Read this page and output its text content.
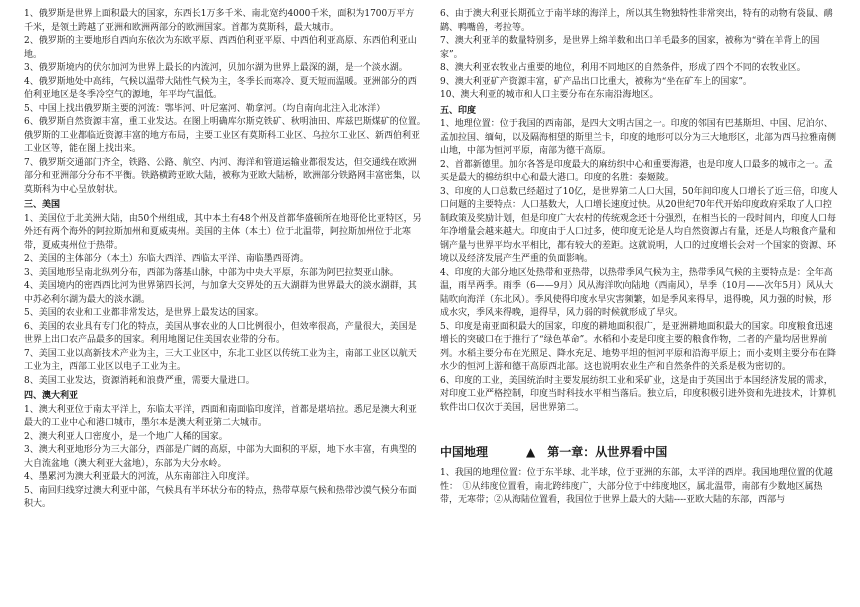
1、俄罗斯是世界上面积最大的国家，东西长1万多千米、南北宽约4000千米，面积为1700万平方千米，是领土跨越了亚洲和欧洲两部分的欧洲国家。首都为莫斯科，最大城市。

2、俄罗斯的主要地形自西向东依次为东欧平原、西西伯利亚平原、中西伯利亚高原、东西伯利亚山地。

3、俄罗斯境内的伏尔加河为世界上最长的内流河，贝加尔湖为世界上最深的湖，是一个淡水湖。

4、俄罗斯地处中高纬，气候以温带大陆性气候为主，冬季长而寒冷、夏天短而温暖。亚洲部分的西伯利亚地区是冬季冷空气的源地，年平均气温低。

5、中国上找出俄罗斯主要的河流：鄂毕河、叶尼塞河、勒拿河。（均自南向北注入北冰洋）

6、俄罗斯自然资源丰富，重工业发达。在图上明确库尔斯克铁矿、秋明油田、库兹巴斯煤矿的位置。　俄罗斯的工业都临近资源丰富的地方布局，主要工业区有莫斯科工业区、乌拉尔工业区、新西伯利亚工业区等，能在图上找出来。

7、俄罗斯交通部门齐全，铁路、公路、航空、内河、海洋和管道运输业都很发达，但交通线在欧洲部分和亚洲部分分布不平衡。铁路横跨亚欧大陆，被称为亚欧大陆桥，欧洲部分铁路网丰富密集，以莫斯科为中心呈放射状。

三、美国

1、美国位于北美洲大陆，由50个州组成，其中本土有48个州及首都华盛顿所在地哥伦比亚特区，另外还有两个海外的阿拉斯加州和夏威夷州。美国的主体（本土）位于北温带，阿拉斯加州位于北寒带，夏威夷州位于热带。

2、美国的主体部分（本土）东临大西洋、西临太平洋、南临墨西哥湾。

3、美国地形呈南北纵列分布，西部为落基山脉，中部为中央大平原，东部为阿巴拉契亚山脉。

4、美国境内的密西西比河为世界第四长河，与加拿大交界处的五大湖群为世界最大的淡水湖群，其中苏必利尔湖为最大的淡水湖。

5、美国的农业和工业都非常发达，是世界上最发达的国家。

6、美国的农业具有专门化的特点，美国从事农业的人口比例很小，但效率很高，产量很大，美国是世界上出口农产品最多的国家。利用地图记住美国农业带的分布。

7、美国工业以高新技术产业为主，三大工业区中，东北工业区以传统工业为主，南部工业区以航天工业为主，西部工业区以电子工业为主。

8、美国工业发达，资源消耗和浪费严重，需要大量进口。

四、澳大利亚

1、澳大利亚位于南太平洋上，东临太平洋，西面和南面临印度洋，首都是堪培拉。悉尼是澳大利亚最大的工业中心和港口城市，墨尔本是澳大利亚第二大城市。

2、澳大利亚人口密度小，是一个地广人稀的国家。

3、澳大利亚地形分为三大部分，西部是广阔的高原，中部为大面积的平原，地下水丰富，有典型的大自流盆地（澳大利亚大盆地），东部为大分水岭。

4、墨累河为澳大利亚最大的河流，从东南部注入印度洋。

5、南回归线穿过澳大利亚中部，气候具有半环状分布的特点，热带草原气候和热带沙漠气候分布面积大。

6、由于澳大利亚长期孤立于南半球的海洋上，所以其生物独特性非常突出，特有的动物有袋鼠、鸸鹋、鸭嘴兽，考拉等。

7、澳大利亚羊的数量特别多，是世界上绵羊数和出口羊毛最多的国家，被称为“骑在羊背上的国家”。

8、澳大利亚农牧业占重要的地位，利用不同地区的自然条件，形成了四个不同的农牧业区。

9、澳大利亚矿产资源丰富，矿产品出口比重大，被称为“坐在矿车上的国家”。

10、澳大利亚的城市和人口主要分布在东南沿海地区。

五、印度

1、地理位置：位于我国的西南部，是四大文明古国之一。印度的邻国有巴基斯坦、中国、尼泊尔、孟加拉国、缅甸，以及隔海相望的斯里兰卡，印度的地形可以分为三大地形区，北部为西马拉雅南侧山地，中部为恒河平原，南部为德干高原。

2、首都新德里。加尔各答是印度最大的麻纺织中心和重要海港，也是印度人口最多的城市之一。孟买是最大的棉纺织中心和最大港口。印度的名胜：泰姬陵。

3、印度的人口总数已经超过了10亿，是世界第二人口大国，50年间印度人口增长了近三倍，印度人口问题的主要特点：人口基数大，人口增长速度过快。从20世纪70年代开始印度政府采取了人口控制政策及奖励计划，但是印度广大农村的传统观念还十分强烈，在相当长的一段时间内，印度人口每年净增量会越来越大。印度由于人口过多，使印度无论是人均自然资源占有量，还是人均粮食产量和钢产量与世界平均水平相比，都有较大的差距。这就说明，人口的过度增长会对一个国家的资源、环境以及经济发展产生严重的负面影响。

4、印度的大部分地区处热带和亚热带，以热带季风气候为主，热带季风气候的主要特点是：全年高温，雨旱两季。雨季（6——9月）风从海洋吹向陆地（西南风），旱季（10月——次年5月）风从大陆吹向海洋（东北风）。季风使得印度水旱灾害频繁，如是季风来得早，退得晚，风力强的时候，形成水灾，季风来得晚，退得早，风力弱的时候就形成了旱灾。

5、印度是南亚面积最大的国家，印度的耕地面积很广，是亚洲耕地面积最大的国家。印度粮食迅速增长的突破口在于推行了“绿色革命”。水稻和小麦是印度主要的粮食作物，二者的产量均居世界前列。水稻主要分布在光照足、降水充足、地势平坦的恒河平原和沿海平原上；而小麦则主要分布在降水少的恒河上游和德干高原西北部。这也说明农业生产和自然条件的关系是极为密切的。

6、印度的工业，美国统治时主要发展纺织工业和采矿业，这是由于英国出于本国经济发展的需求，对印度工业严格控制，印度当时科技水平相当落后。独立后，印度积极引进外资和先进技术，计算机软件出口仅次于美国，居世界第二。

中国地理	▲　第一章：从世界看中国

1、我国的地理位置：位于东半球、北半球，位于亚洲的东部，太平洋的西岸。我国地理位置的优越性：　①从纬度位置看，南北跨纬度广，大部分位于中纬度地区，属北温带，南部有少数地区属热带，无寒带；②从海陆位置看，我国位于世界上最大的大陆----亚欧大陆的东部，西部与
